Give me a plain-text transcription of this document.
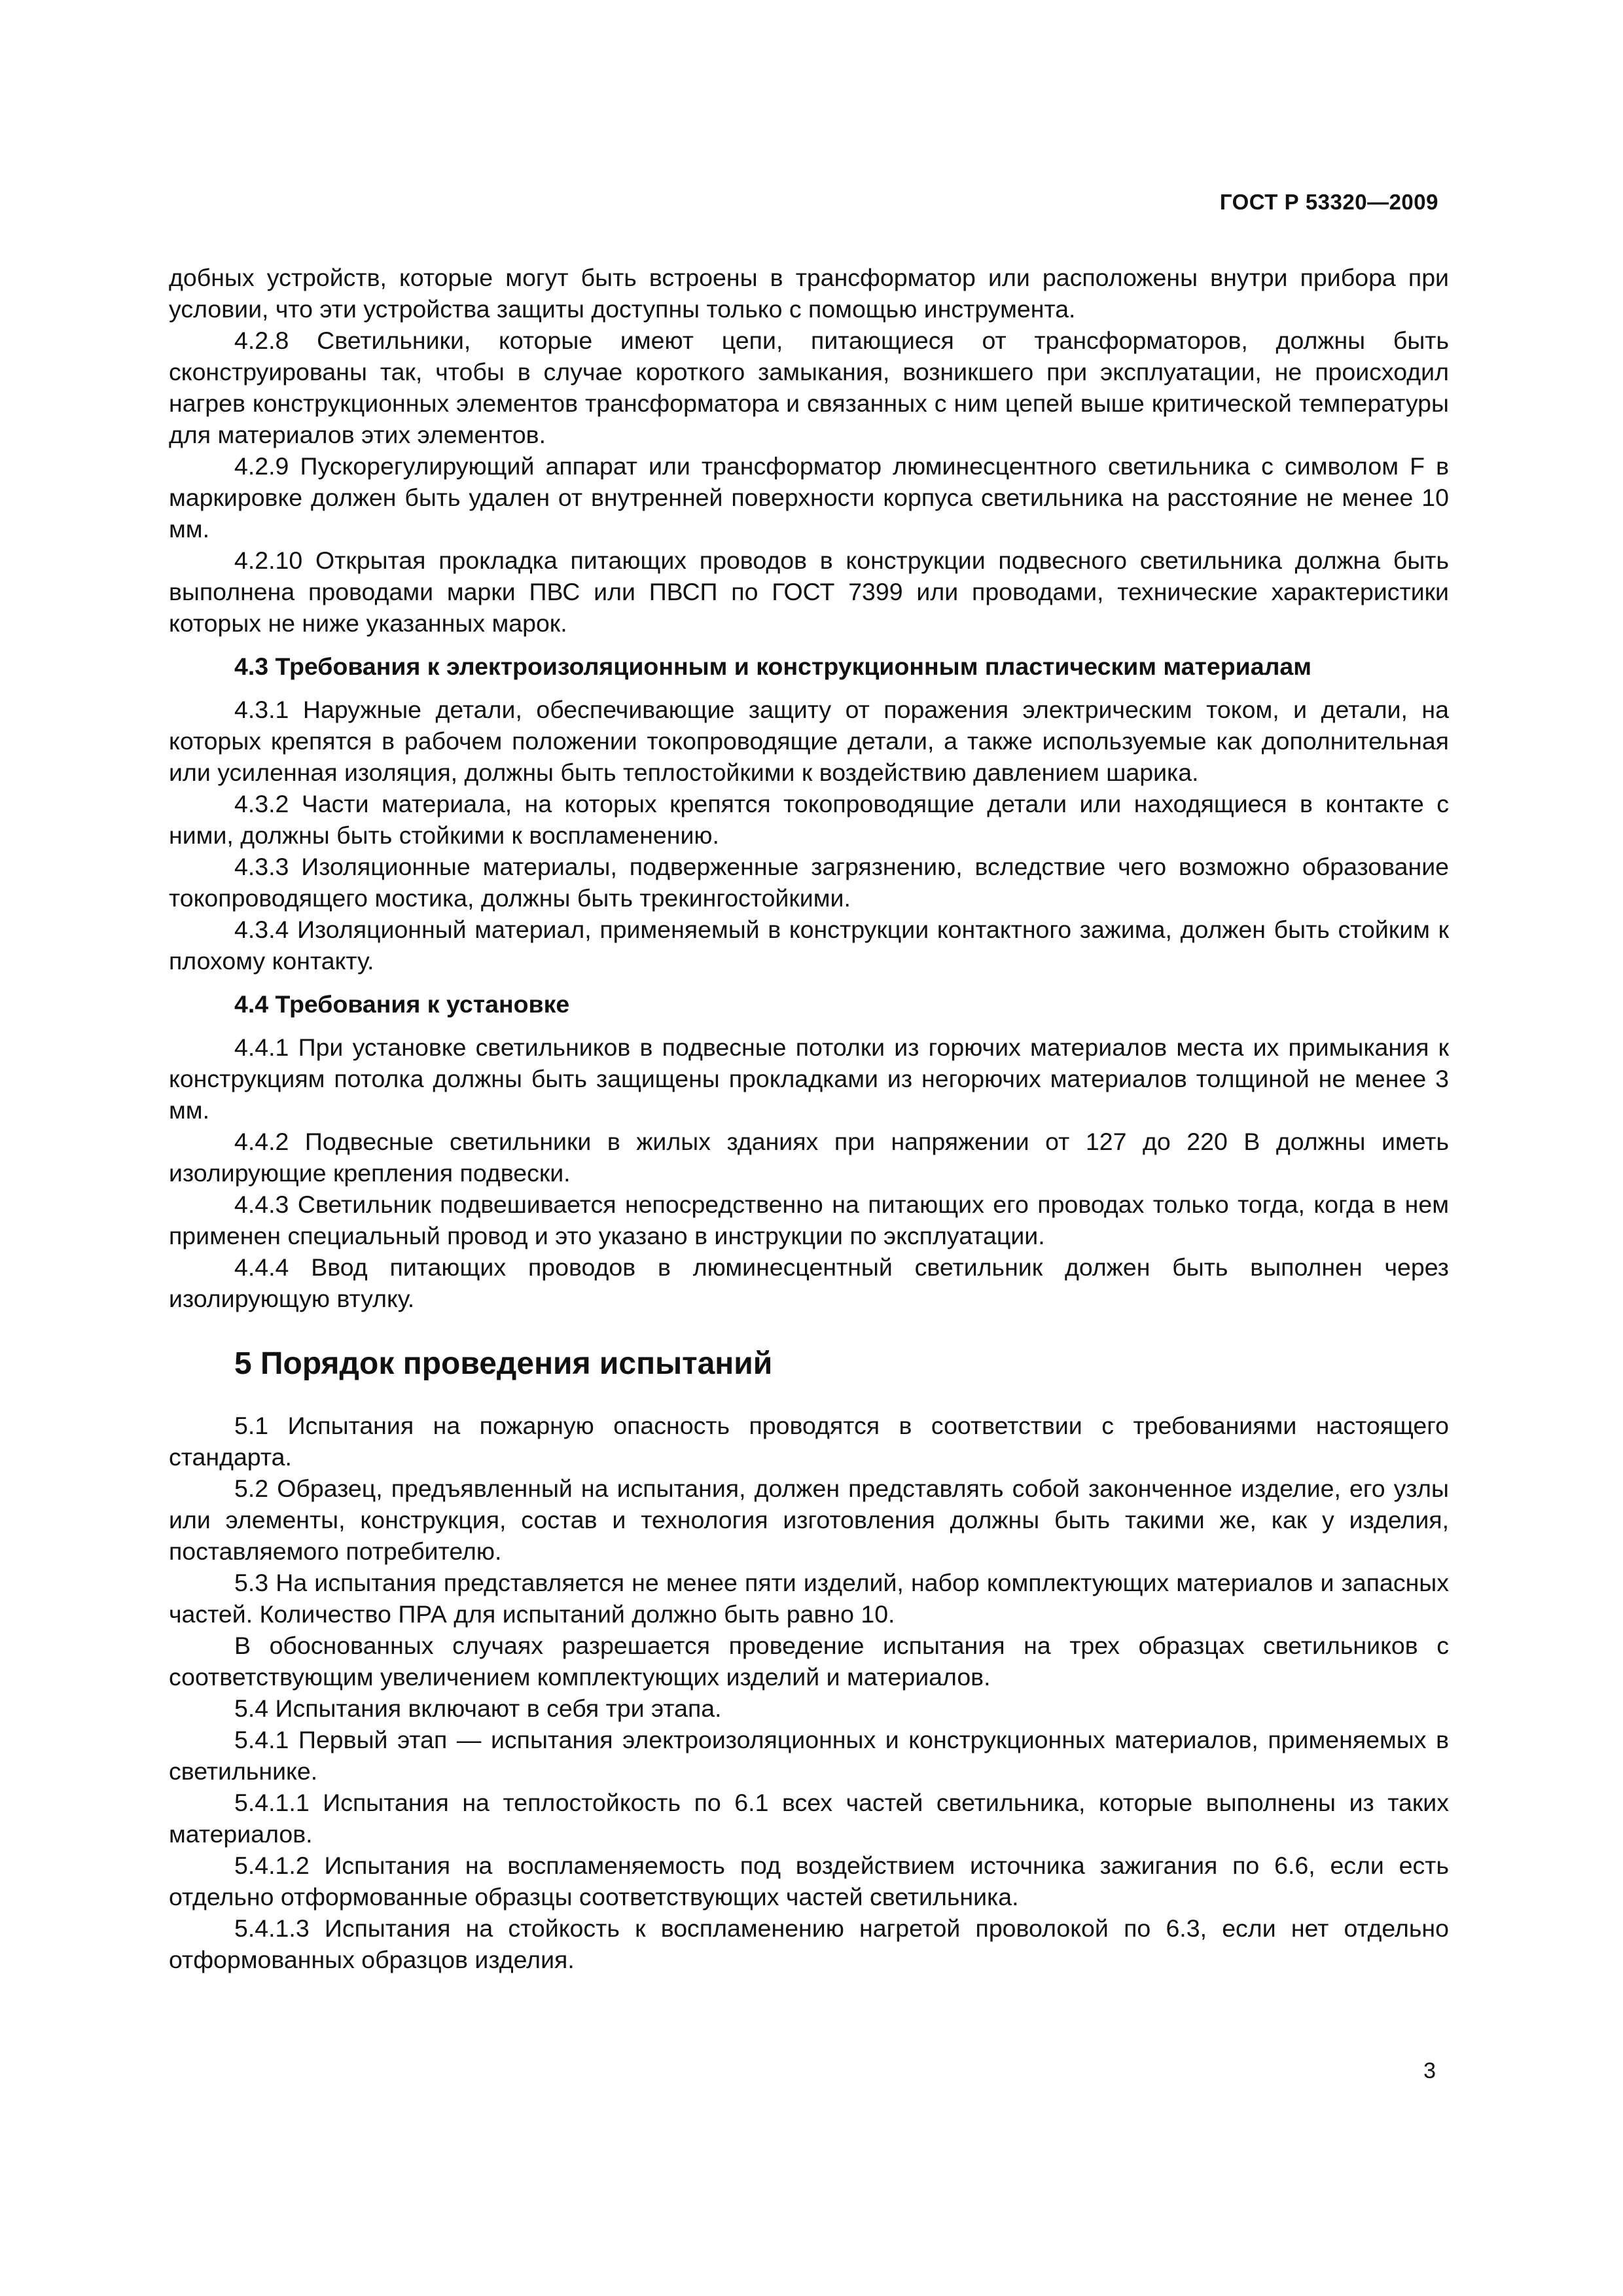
ГОСТ Р 53320—2009

добных устройств, которые могут быть встроены в трансформатор или расположены внутри прибора при условии, что эти устройства защиты доступны только с помощью инструмента.

4.2.8 Светильники, которые имеют цепи, питающиеся от трансформаторов, должны быть сконструированы так, чтобы в случае короткого замыкания, возникшего при эксплуатации, не происходил нагрев конструкционных элементов трансформатора и связанных с ним цепей выше критической температуры для материалов этих элементов.

4.2.9 Пускорегулирующий аппарат или трансформатор люминесцентного светильника с символом F в маркировке должен быть удален от внутренней поверхности корпуса светильника на расстояние не менее 10 мм.

4.2.10 Открытая прокладка питающих проводов в конструкции подвесного светильника должна быть выполнена проводами марки ПВС или ПВСП по ГОСТ 7399 или проводами, технические характеристики которых не ниже указанных марок.

4.3 Требования к электроизоляционным и конструкционным пластическим материалам

4.3.1 Наружные детали, обеспечивающие защиту от поражения электрическим током, и детали, на которых крепятся в рабочем положении токопроводящие детали, а также используемые как дополнительная или усиленная изоляция, должны быть теплостойкими к воздействию давлением шарика.

4.3.2 Части материала, на которых крепятся токопроводящие детали или находящиеся в контакте с ними, должны быть стойкими к воспламенению.

4.3.3 Изоляционные материалы, подверженные загрязнению, вследствие чего возможно образование токопроводящего мостика, должны быть трекингостойкими.

4.3.4 Изоляционный материал, применяемый в конструкции контактного зажима, должен быть стойким к плохому контакту.

4.4 Требования к установке

4.4.1 При установке светильников в подвесные потолки из горючих материалов места их примыкания к конструкциям потолка должны быть защищены прокладками из негорючих материалов толщиной не менее 3 мм.

4.4.2 Подвесные светильники в жилых зданиях при напряжении от 127 до 220 В должны иметь изолирующие крепления подвески.

4.4.3 Светильник подвешивается непосредственно на питающих его проводах только тогда, когда в нем применен специальный провод и это указано в инструкции по эксплуатации.

4.4.4 Ввод питающих проводов в люминесцентный светильник должен быть выполнен через изолирующую втулку.

5 Порядок проведения испытаний

5.1 Испытания на пожарную опасность проводятся в соответствии с требованиями настоящего стандарта.

5.2 Образец, предъявленный на испытания, должен представлять собой законченное изделие, его узлы или элементы, конструкция, состав и технология изготовления должны быть такими же, как у изделия, поставляемого потребителю.

5.3 На испытания представляется не менее пяти изделий, набор комплектующих материалов и запасных частей. Количество ПРА для испытаний должно быть равно 10.

В обоснованных случаях разрешается проведение испытания на трех образцах светильников с соответствующим увеличением комплектующих изделий и материалов.

5.4 Испытания включают в себя три этапа.

5.4.1 Первый этап — испытания электроизоляционных и конструкционных материалов, применяемых в светильнике.

5.4.1.1 Испытания на теплостойкость по 6.1 всех частей светильника, которые выполнены из таких материалов.

5.4.1.2 Испытания на воспламеняемость под воздействием источника зажигания по 6.6, если есть отдельно отформованные образцы соответствующих частей светильника.

5.4.1.3 Испытания на стойкость к воспламенению нагретой проволокой по 6.3, если нет отдельно отформованных образцов изделия.

3
